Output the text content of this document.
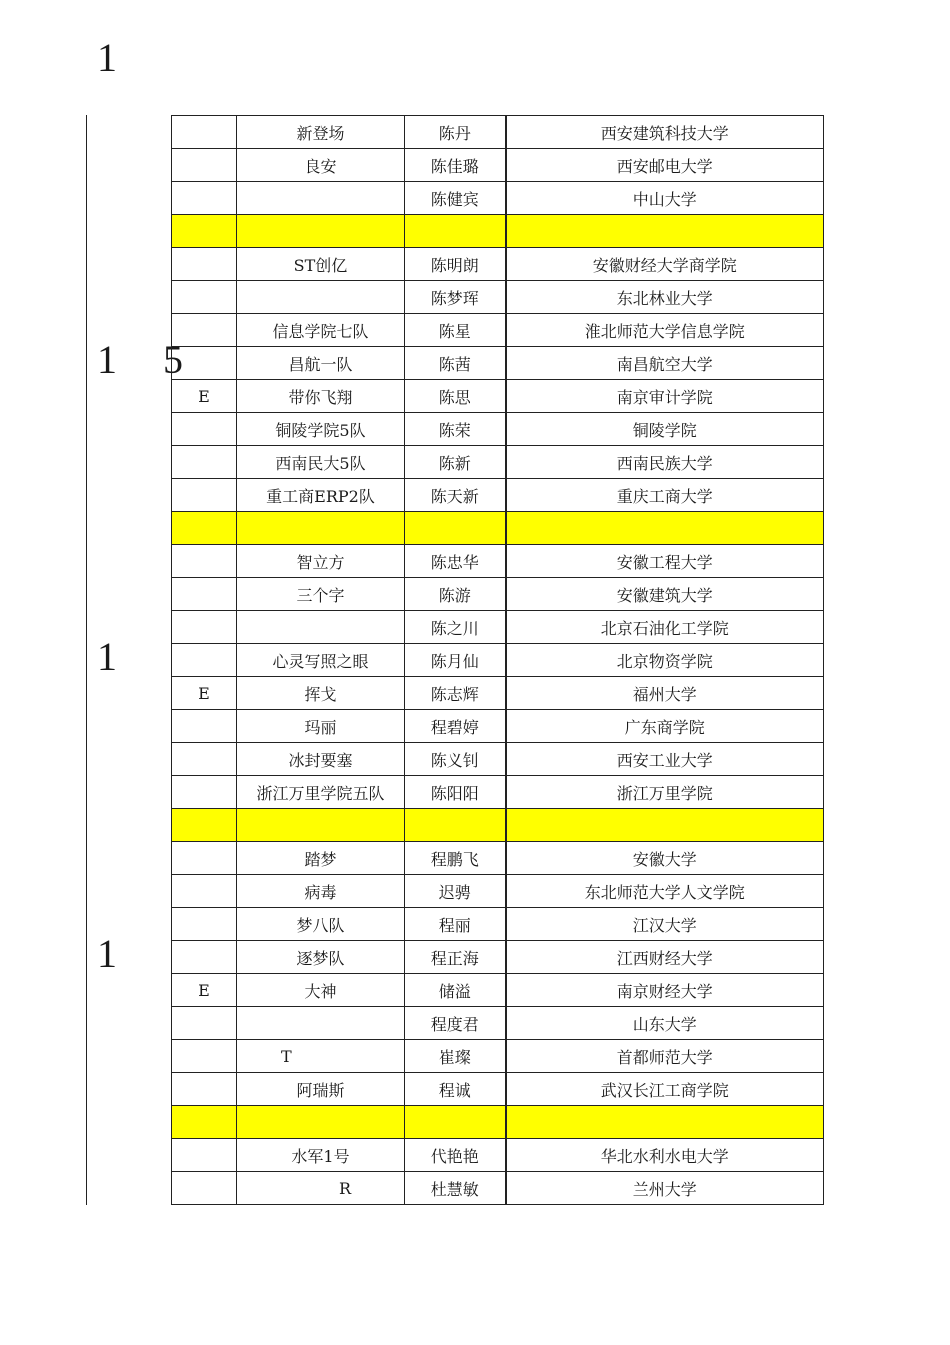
1
1 5
1
1
	新登场	陈丹	西安建筑科技大学
	良安	陈佳璐	西安邮电大学
		陈健宾	中山大学

	ST创亿	陈明朗	安徽财经大学商学院
		陈梦珲	东北林业大学
	信息学院七队	陈星	淮北师范大学信息学院
	昌航一队	陈茜	南昌航空大学
E	带你飞翔	陈思	南京审计学院
	铜陵学院5队	陈荣	铜陵学院
	西南民大5队	陈新	西南民族大学
	重工商ERP2队	陈天新	重庆工商大学

	智立方	陈忠华	安徽工程大学
	三个字	陈游	安徽建筑大学
		陈之川	北京石油化工学院
	心灵写照之眼	陈月仙	北京物资学院
E	挥戈	陈志辉	福州大学
	玛丽	程碧婷	广东商学院
	冰封要塞	陈义钊	西安工业大学
	浙江万里学院五队	陈阳阳	浙江万里学院

	踏梦	程鹏飞	安徽大学
	病毒	迟骋	东北师范大学人文学院
	梦八队	程丽	江汉大学
	逐梦队	程正海	江西财经大学
E	大神	储溢	南京财经大学
		程度君	山东大学
	T	崔璨	首都师范大学
	阿瑞斯	程诚	武汉长江工商学院

	水军1号	代艳艳	华北水利水电大学
	R	杜慧敏	兰州大学
